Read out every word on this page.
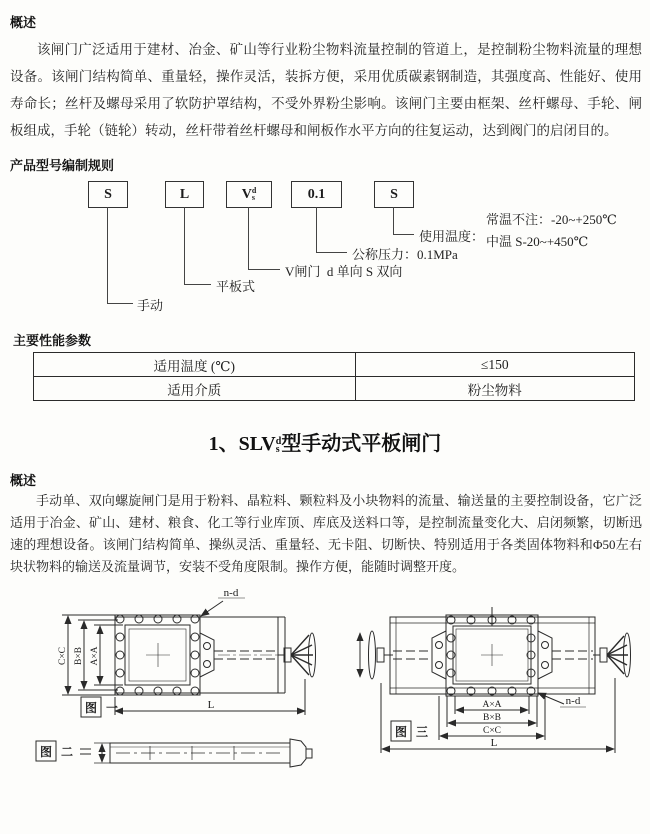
概述
该闸门广泛适用于建材、冶金、矿山等行业粉尘物料流量控制的管道上，是控制粉尘物料流量的理想设备。该闸门结构简单、重量轻，操作灵活，装拆方便，采用优质碳素钢制造，其强度高、性能好、使用寿命长；丝杆及螺母采用了软防护罩结构，不受外界粉尘影响。该闸门主要由框架、丝杆螺母、手轮、闸板组成，手轮（链轮）转动，丝杆带着丝杆螺母和闸板作水平方向的往复运动，达到阀门的启闭目的。
产品型号编制规则
S	L	V d
s	0.1	S
手动
平板式
V闸门  d 单向 S 双向
公称压力：0.1MPa
使用温度：
常温不注：-20~+250℃
中温 S-20~+450℃
主要性能参数
适用温度 (℃)	≤150
适用介质	粉尘物料
1、SLV d
s 型手动式平板闸门
概述
手动单、双向螺旋闸门是用于粉料、晶粒料、颗粒料及小块物料的流量、输送量的主要控制设备，它广泛适用于冶金、矿山、建材、粮食、化工等行业库顶、库底及送料口等，是控制流量变化大、启闭频繁，切断迅速的理想设备。该闸门结构简单、操纵灵活、重量轻、无卡阻、切断快、特别适用于各类固体物料和Φ50左右块状物料的输送及流量调节，安装不受角度限制。操作方便，能随时调整开度。
C×C B×B A×A
n-d
L
图 一
图 二
A×A
B×B
C×C
L
n-d
图 三
